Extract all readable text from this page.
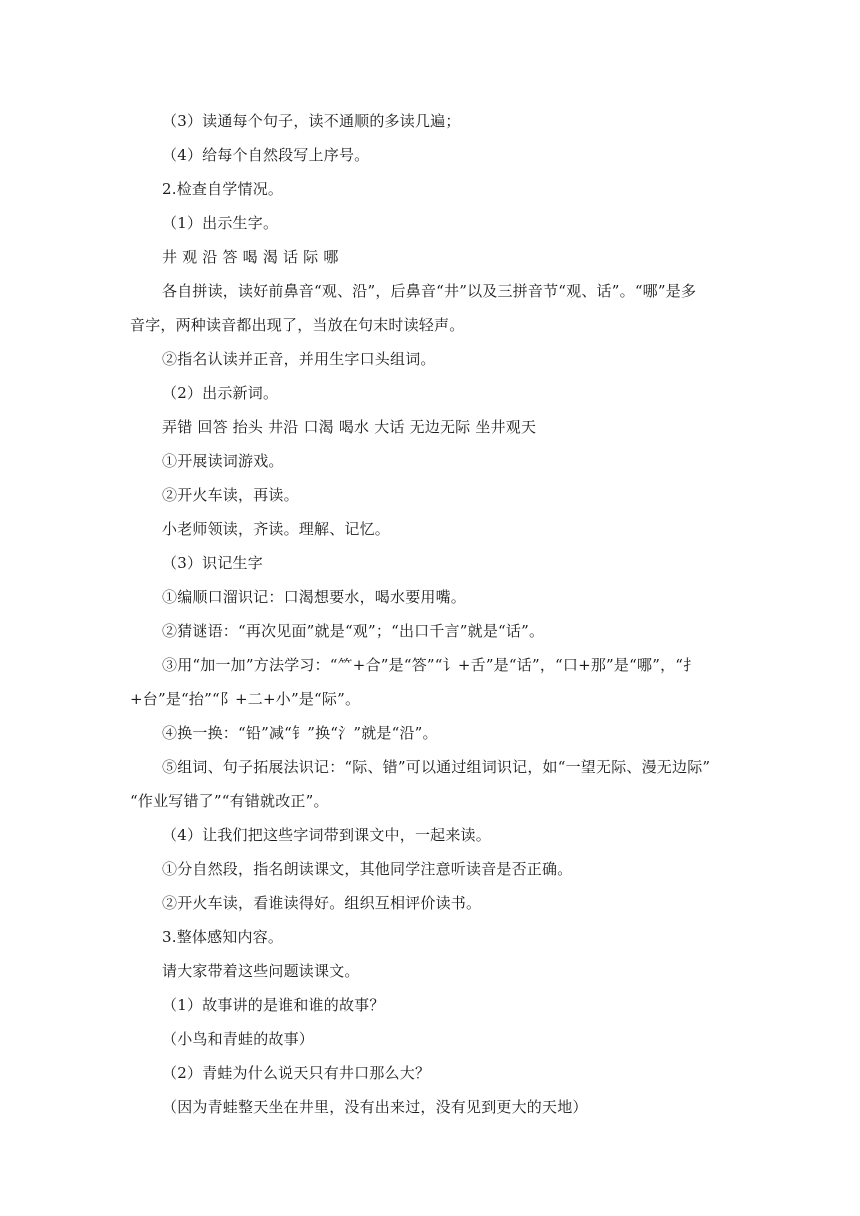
（3）读通每个句子，读不通顺的多读几遍；
（4）给每个自然段写上序号。
2.检查自学情况。
（1）出示生字。
井 观 沿 答 喝 渴 话 际 哪
各自拼读，读好前鼻音“观、沿”，后鼻音“井”以及三拼音节“观、话”。“哪”是多
音字，两种读音都出现了，当放在句末时读轻声。
②指名认读并正音，并用生字口头组词。
（2）出示新词。
弄错 回答 抬头 井沿 口渴 喝水 大话 无边无际 坐井观天
①开展读词游戏。
②开火车读，再读。
小老师领读，齐读。理解、记忆。
（3）识记生字
①编顺口溜识记：口渴想要水，喝水要用嘴。
②猜谜语：“再次见面”就是“观”；“出口千言”就是“话”。
③用“加一加”方法学习：“⺮+合”是“答”“讠+舌”是“话”，“口+那”是“哪”，“扌
+台”是“抬”“阝+二+小”是“际”。
④换一换：“铅”减“钅”换“氵”就是“沿”。
⑤组词、句子拓展法识记：“际、错”可以通过组词识记，如“一望无际、漫无边际”
“作业写错了”“有错就改正”。
（4）让我们把这些字词带到课文中，一起来读。
①分自然段，指名朗读课文，其他同学注意听读音是否正确。
②开火车读，看谁读得好。组织互相评价读书。
3.整体感知内容。
请大家带着这些问题读课文。
（1）故事讲的是谁和谁的故事？
（小鸟和青蛙的故事）
（2）青蛙为什么说天只有井口那么大？
（因为青蛙整天坐在井里，没有出来过，没有见到更大的天地）
